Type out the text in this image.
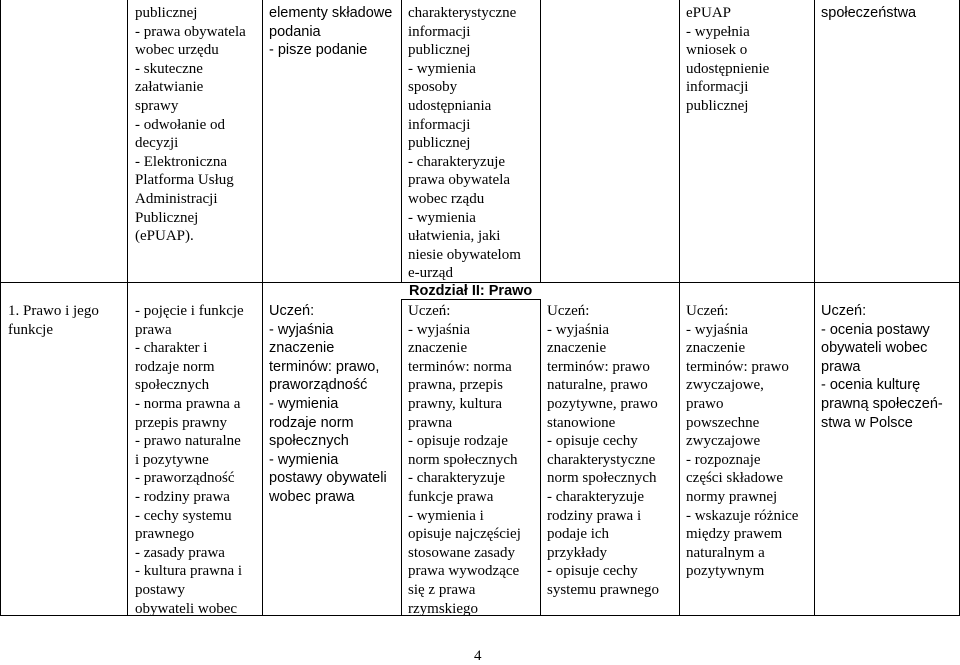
publicznej
- prawa obywatela
wobec urzędu
- skuteczne
załatwianie
sprawy
- odwołanie od
decyzji
- Elektroniczna
Platforma Usług
Administracji
Publicznej
(ePUAP).
elementy składowe
podania
- pisze podanie
charakterystyczne
informacji
publicznej
- wymienia
sposoby
udostępniania
informacji
publicznej
- charakteryzuje
prawa obywatela
wobec rządu
- wymienia
ułatwienia, jaki
niesie obywatelom
e-urząd
ePUAP
- wypełnia
wniosek o
udostępnienie
informacji
publicznej
społeczeństwa
Rozdział II: Prawo
1. Prawo i jego
funkcje
- pojęcie i funkcje
prawa
- charakter i
rodzaje norm
społecznych
- norma prawna a
przepis prawny
- prawo naturalne
i pozytywne
- praworządność
- rodziny prawa
- cechy systemu
prawnego
- zasady prawa
- kultura prawna i
postawy
obywateli wobec
Uczeń:
- wyjaśnia
znaczenie
terminów: prawo,
praworządność
- wymienia
rodzaje norm
społecznych
- wymienia
postawy obywateli
wobec prawa
Uczeń:
- wyjaśnia
znaczenie
terminów: norma
prawna, przepis
prawny, kultura
prawna
- opisuje rodzaje
norm społecznych
- charakteryzuje
funkcje prawa
- wymienia i
opisuje najczęściej
stosowane zasady
prawa wywodzące
się z prawa
rzymskiego
Uczeń:
- wyjaśnia
znaczenie
terminów: prawo
naturalne, prawo
pozytywne, prawo
stanowione
- opisuje cechy
charakterystyczne
norm społecznych
- charakteryzuje
rodziny prawa i
podaje ich
przykłady
- opisuje cechy
systemu prawnego
Uczeń:
- wyjaśnia
znaczenie
terminów: prawo
zwyczajowe,
prawo
powszechne
zwyczajowe
- rozpoznaje
części składowe
normy prawnej
- wskazuje różnice
między prawem
naturalnym a
pozytywnym
Uczeń:
- ocenia postawy
obywateli wobec
prawa
- ocenia kulturę
prawną społeczeń-
stwa w Polsce
4
